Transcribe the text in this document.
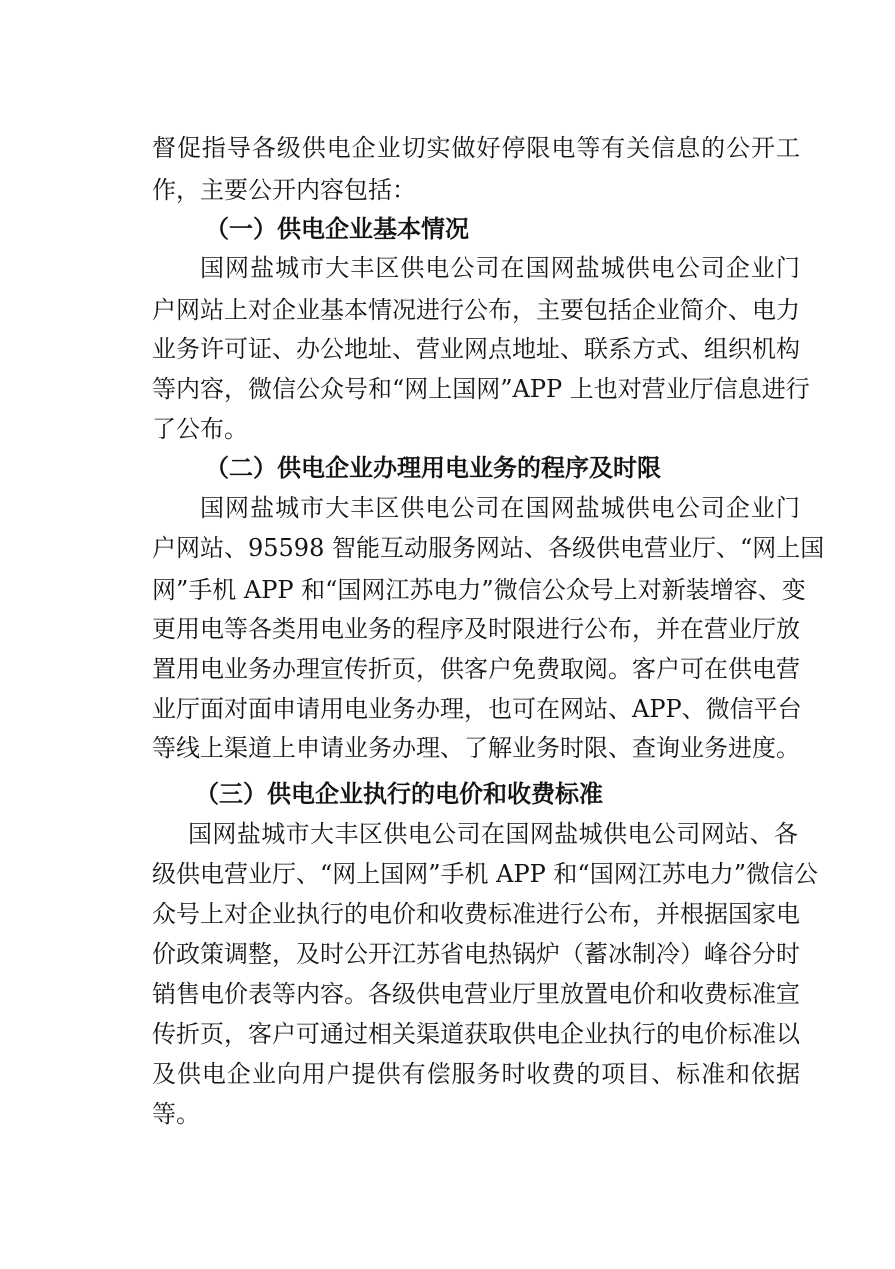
督促指导各级供电企业切实做好停限电等有关信息的公开工
作，主要公开内容包括：
（一）供电企业基本情况
国网盐城市大丰区供电公司在国网盐城供电公司企业门
户网站上对企业基本情况进行公布，主要包括企业简介、电力
业务许可证、办公地址、营业网点地址、联系方式、组织机构
等内容，微信公众号和“网上国网”APP 上也对营业厅信息进行
了公布。
（二）供电企业办理用电业务的程序及时限
国网盐城市大丰区供电公司在国网盐城供电公司企业门
户网站、95598 智能互动服务网站、各级供电营业厅、“网上国
网”手机 APP 和“国网江苏电力”微信公众号上对新装增容、变
更用电等各类用电业务的程序及时限进行公布，并在营业厅放
置用电业务办理宣传折页，供客户免费取阅。客户可在供电营
业厅面对面申请用电业务办理，也可在网站、APP、微信平台
等线上渠道上申请业务办理、了解业务时限、查询业务进度。
（三）供电企业执行的电价和收费标准
国网盐城市大丰区供电公司在国网盐城供电公司网站、各
级供电营业厅、“网上国网”手机 APP 和“国网江苏电力”微信公
众号上对企业执行的电价和收费标准进行公布，并根据国家电
价政策调整，及时公开江苏省电热锅炉（蓄冰制冷）峰谷分时
销售电价表等内容。各级供电营业厅里放置电价和收费标准宣
传折页，客户可通过相关渠道获取供电企业执行的电价标准以
及供电企业向用户提供有偿服务时收费的项目、标准和依据
等。
